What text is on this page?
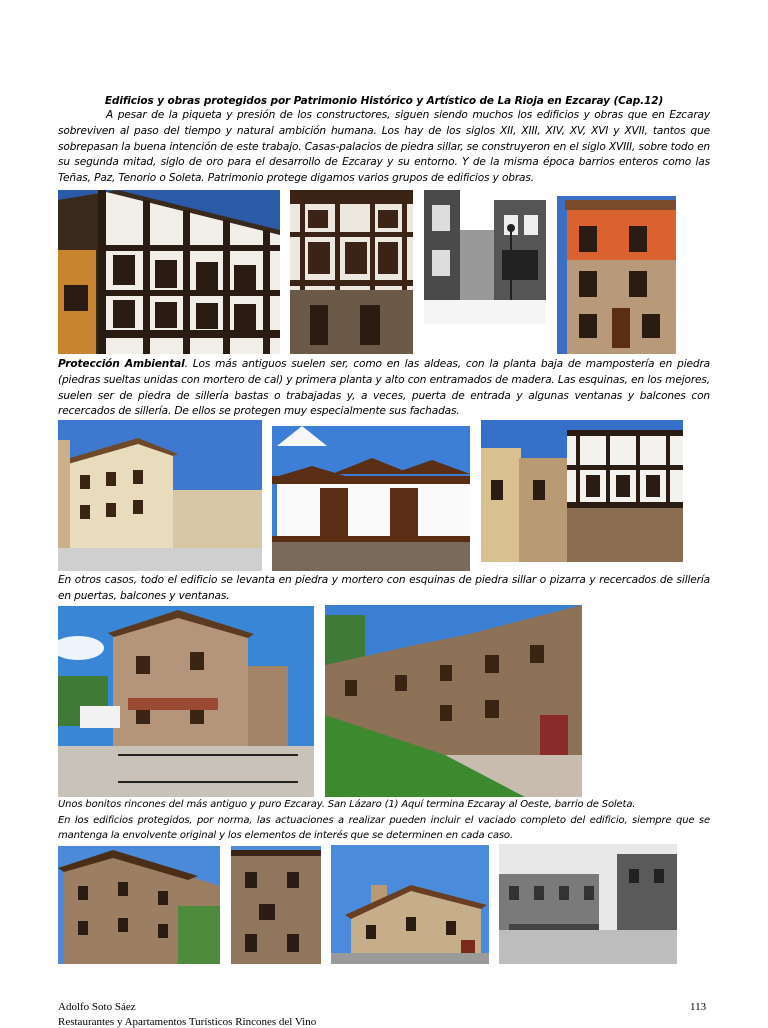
Edificios y obras protegidos por Patrimonio Histórico y Artístico de La Rioja en Ezcaray (Cap.12)
A pesar de la piqueta y presión de los constructores, siguen siendo muchos los edificios y obras que en Ezcaray sobreviven al paso del tiempo y natural ambición humana. Los hay de los siglos XII, XIII, XIV, XV, XVI y XVII, tantos que sobrepasan la buena intención de este trabajo. Casas-palacios de piedra sillar, se construyeron en el siglo XVIII, sobre todo en su segunda mitad, siglo de oro para el desarrollo de Ezcaray y su entorno. Y de la misma época barrios enteros como las Teñas, Paz, Tenorio o Soleta. Patrimonio protege digamos varios grupos de edificios y obras.
Protección Ambiental. Los más antiguos suelen ser, como en las aldeas, con la planta baja de mampostería en piedra (piedras sueltas unidas con mortero de cal) y primera planta y alto con entramados de madera. Las esquinas, en los mejores, suelen ser de piedra de sillería bastas o trabajadas y, a veces, puerta de entrada y algunas ventanas y balcones con recercados de sillería. De ellos se protegen muy especialmente sus fachadas.
En otros casos, todo el edificio se levanta en piedra y mortero con esquinas de piedra sillar o pizarra y recercados de sillería en puertas, balcones y ventanas.
Unos bonitos rincones del más antiguo y puro Ezcaray. San Lázaro (1) Aquí termina Ezcaray al Oeste, barrio de Soleta.
En los edificios protegidos, por norma, las actuaciones a realizar pueden incluir el vaciado completo del edificio, siempre que se mantenga la envolvente original y los elementos de interés que se determinen en cada caso.
Adolfo Soto Sáez	113
Restaurantes y Apartamentos Turísticos Rincones del Vino
